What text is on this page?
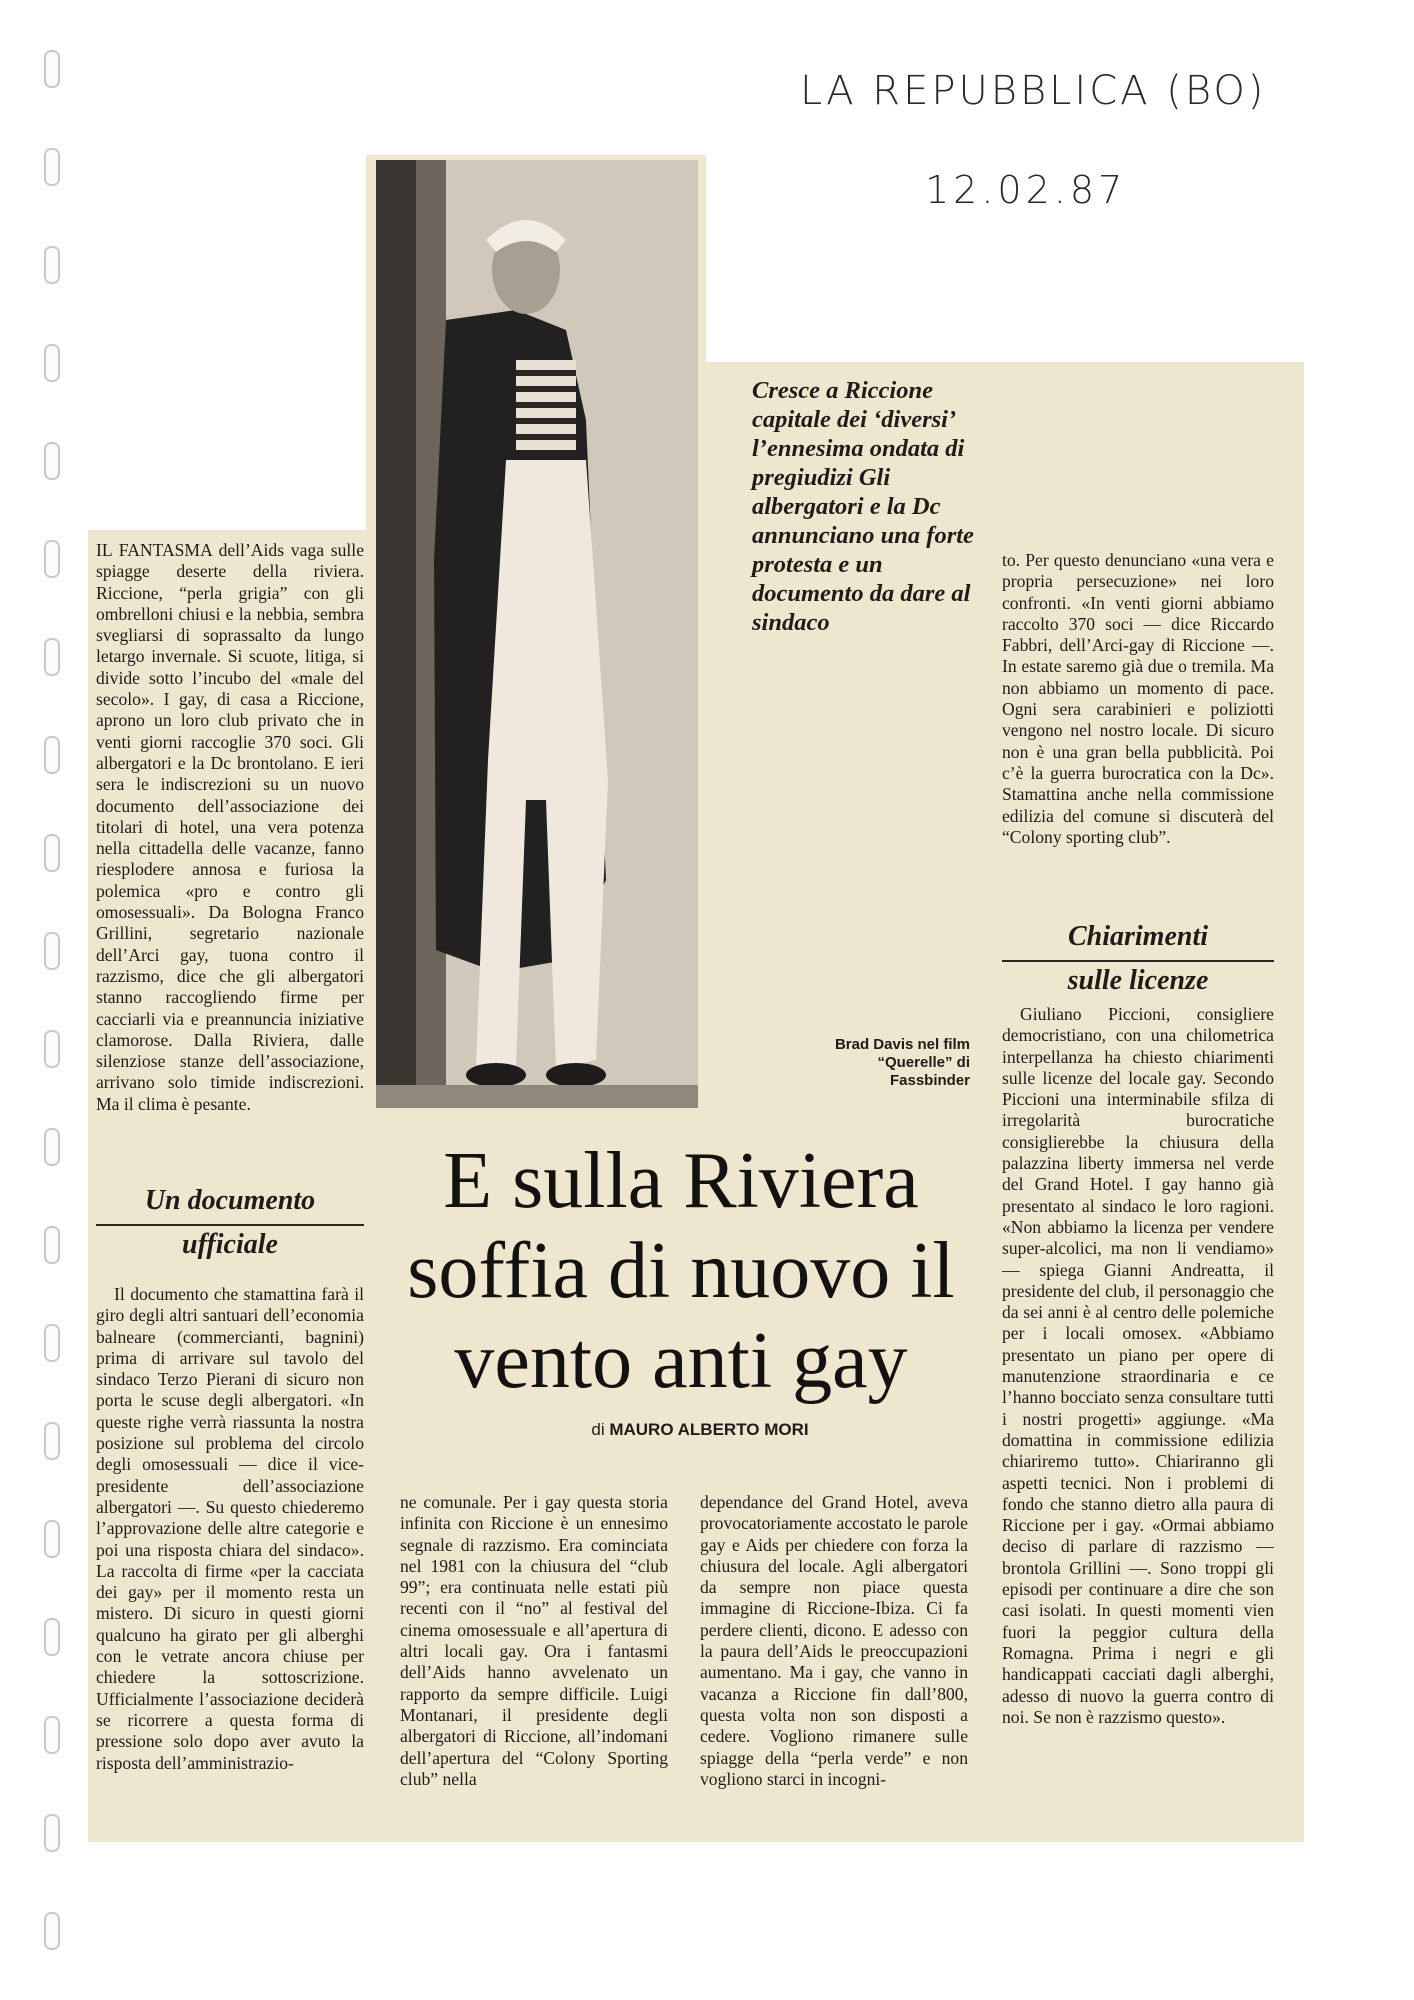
LA REPUBBLICA (BO)
12.02.87
Cresce a Riccione capitale dei ‘diversi’ l’ennesima ondata di pregiudizi Gli albergatori e la Dc annunciano una forte protesta e un documento da dare al sindaco
Brad Davis nel film “Querelle” di Fassbinder
E sulla Riviera soffia di nuovo il vento anti gay
di MAURO ALBERTO MORI

IL FANTASMA dell’Aids vaga sulle spiagge deserte della riviera. Riccione, “perla grigia” con gli ombrelloni chiusi e la nebbia, sembra svegliarsi di soprassalto da lungo letargo invernale. Si scuote, litiga, si divide sotto l’incubo del «male del secolo». I gay, di casa a Riccione, aprono un loro club privato che in venti giorni raccoglie 370 soci. Gli albergatori e la Dc brontolano. E ieri sera le indiscrezioni su un nuovo documento dell’associazione dei titolari di hotel, una vera potenza nella cittadella delle vacanze, fanno riesplodere annosa e furiosa la polemica «pro e contro gli omosessuali». Da Bologna Franco Grillini, segretario nazionale dell’Arci gay, tuona contro il razzismo, dice che gli albergatori stanno raccogliendo firme per cacciarli via e preannuncia iniziative clamorose. Dalla Riviera, dalle silenziose stanze dell’associazione, arrivano solo timide indiscrezioni. Ma il clima è pesante.

Un documento
ufficiale

Il documento che stamattina farà il giro degli altri santuari dell’economia balneare (commercianti, bagnini) prima di arrivare sul tavolo del sindaco Terzo Pierani di sicuro non porta le scuse degli albergatori. «In queste righe verrà riassunta la nostra posizione sul problema del circolo degli omosessuali — dice il vice-presidente dell’associazione albergatori —. Su questo chiederemo l’approvazione delle altre categorie e poi una risposta chiara del sindaco». La raccolta di firme «per la cacciata dei gay» per il momento resta un mistero. Di sicuro in questi giorni qualcuno ha girato per gli alberghi con le vetrate ancora chiuse per chiedere la sottoscrizione. Ufficialmente l’associazione deciderà se ricorrere a questa forma di pressione solo dopo aver avuto la risposta dell’amministrazio-

ne comunale. Per i gay questa storia infinita con Riccione è un ennesimo segnale di razzismo. Era cominciata nel 1981 con la chiusura del “club 99”; era continuata nelle estati più recenti con il “no” al festival del cinema omosessuale e all’apertura di altri locali gay. Ora i fantasmi dell’Aids hanno avvelenato un rapporto da sempre difficile. Luigi Montanari, il presidente degli albergatori di Riccione, all’indomani dell’apertura del “Colony Sporting club” nella

dependance del Grand Hotel, aveva provocatoriamente accostato le parole gay e Aids per chiedere con forza la chiusura del locale. Agli albergatori da sempre non piace questa immagine di Riccione-Ibiza. Ci fa perdere clienti, dicono. E adesso con la paura dell’Aids le preoccupazioni aumentano. Ma i gay, che vanno in vacanza a Riccione fin dall’800, questa volta non son disposti a cedere. Vogliono rimanere sulle spiagge della “perla verde” e non vogliono starci in incogni-

to. Per questo denunciano «una vera e propria persecuzione» nei loro confronti. «In venti giorni abbiamo raccolto 370 soci — dice Riccardo Fabbri, dell’Arci-gay di Riccione —. In estate saremo già due o tremila. Ma non abbiamo un momento di pace. Ogni sera carabinieri e poliziotti vengono nel nostro locale. Di sicuro non è una gran bella pubblicità. Poi c’è la guerra burocratica con la Dc». Stamattina anche nella commissione edilizia del comune si discuterà del “Colony sporting club”.

Chiarimenti
sulle licenze

Giuliano Piccioni, consigliere democristiano, con una chilometrica interpellanza ha chiesto chiarimenti sulle licenze del locale gay. Secondo Piccioni una interminabile sfilza di irregolarità burocratiche consiglierebbe la chiusura della palazzina liberty immersa nel verde del Grand Hotel. I gay hanno già presentato al sindaco le loro ragioni. «Non abbiamo la licenza per vendere super-alcolici, ma non li vendiamo» — spiega Gianni Andreatta, il presidente del club, il personaggio che da sei anni è al centro delle polemiche per i locali omosex. «Abbiamo presentato un piano per opere di manutenzione straordinaria e ce l’hanno bocciato senza consultare tutti i nostri progetti» aggiunge. «Ma domattina in commissione edilizia chiariremo tutto». Chiariranno gli aspetti tecnici. Non i problemi di fondo che stanno dietro alla paura di Riccione per i gay. «Ormai abbiamo deciso di parlare di razzismo — brontola Grillini —. Sono troppi gli episodi per continuare a dire che son casi isolati. In questi momenti vien fuori la peggior cultura della Romagna. Prima i negri e gli handicappati cacciati dagli alberghi, adesso di nuovo la guerra contro di noi. Se non è razzismo questo».
